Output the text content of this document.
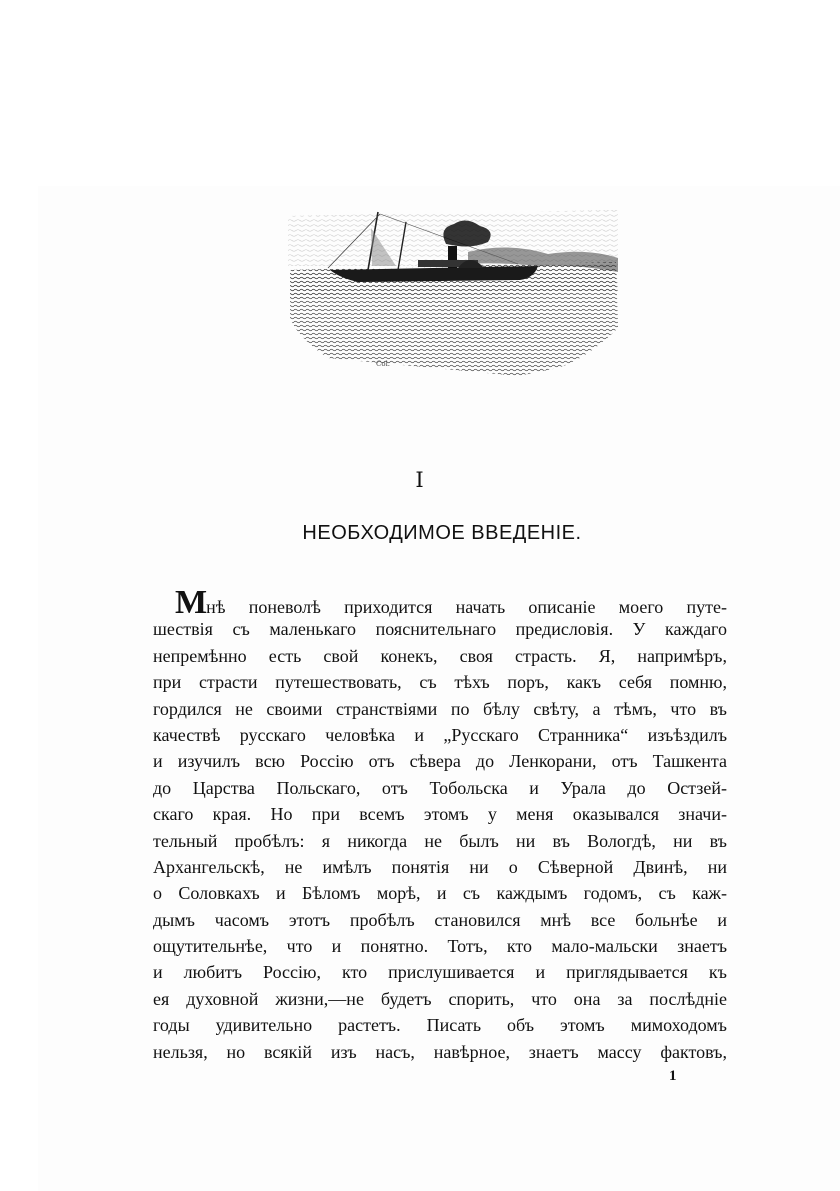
Col.
I
НЕОБХОДИМОЕ ВВЕДЕНІЕ.
Мнѣ поневолѣ приходится начать описаніе моего путе-
шествія съ маленькаго пояснительнаго предисловія. У каждаго
непремѣнно есть свой конекъ, своя страсть. Я, напримѣръ,
при страсти путешествовать, съ тѣхъ поръ, какъ себя помню,
гордился не своими странствіями по бѣлу свѣту, а тѣмъ, что въ
качествѣ русскаго человѣка и „Русскаго Странника“ изъѣздилъ
и изучилъ всю Россію отъ сѣвера до Ленкорани, отъ Ташкента
до Царства Польскаго, отъ Тобольска и Урала до Остзей-
скаго края. Но при всемъ этомъ у меня оказывался значи-
тельный пробѣлъ: я никогда не былъ ни въ Вологдѣ, ни въ
Архангельскѣ, не имѣлъ понятія ни о Сѣверной Двинѣ, ни
о Соловкахъ и Бѣломъ морѣ, и съ каждымъ годомъ, съ каж-
дымъ часомъ этотъ пробѣлъ становился мнѣ все больнѣе и
ощутительнѣе, что и понятно. Тотъ, кто мало-мальски знаетъ
и любитъ Россію, кто прислушивается и приглядывается къ
ея духовной жизни,—не будетъ спорить, что она за послѣдніе
годы удивительно растетъ. Писать объ этомъ мимоходомъ
нельзя, но всякій изъ насъ, навѣрное, знаетъ массу фактовъ,
1
